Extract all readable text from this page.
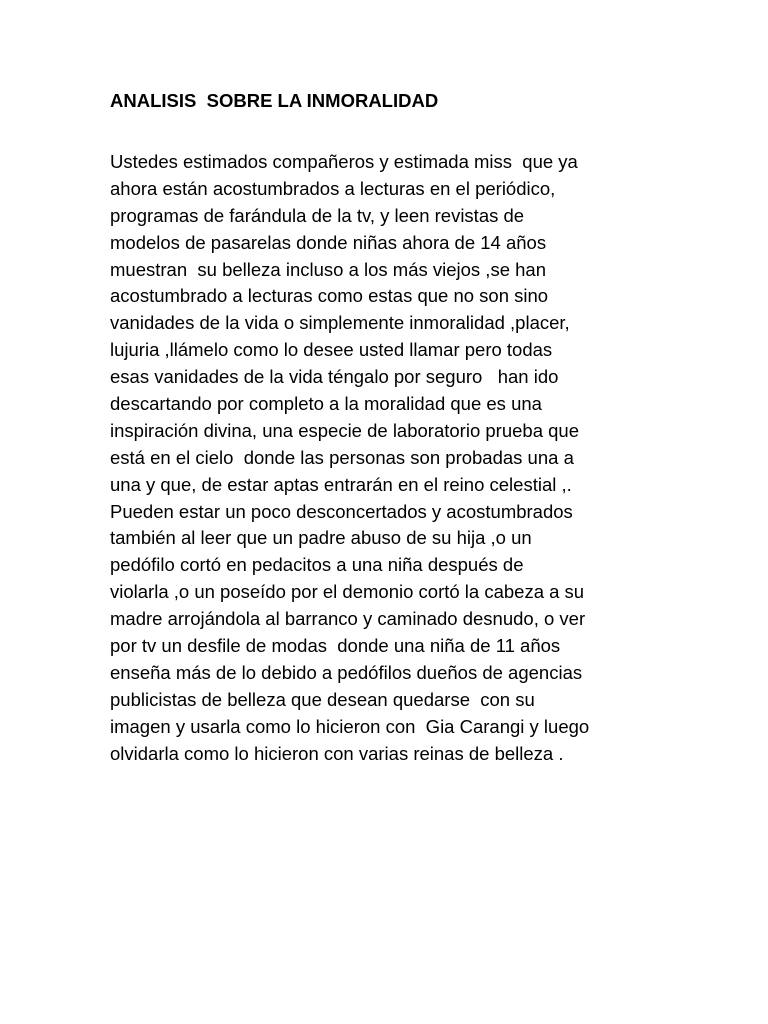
ANALISIS  SOBRE LA INMORALIDAD
Ustedes estimados compañeros y estimada miss  que ya
ahora están acostumbrados a lecturas en el periódico,
programas de farándula de la tv, y leen revistas de
modelos de pasarelas donde niñas ahora de 14 años
muestran  su belleza incluso a los más viejos ,se han
acostumbrado a lecturas como estas que no son sino
vanidades de la vida o simplemente inmoralidad ,placer,
lujuria ,llámelo como lo desee usted llamar pero todas
esas vanidades de la vida téngalo por seguro   han ido
descartando por completo a la moralidad que es una
inspiración divina, una especie de laboratorio prueba que
está en el cielo  donde las personas son probadas una a
una y que, de estar aptas entrarán en el reino celestial ,.
Pueden estar un poco desconcertados y acostumbrados
también al leer que un padre abuso de su hija ,o un
pedófilo cortó en pedacitos a una niña después de
violarla ,o un poseído por el demonio cortó la cabeza a su
madre arrojándola al barranco y caminado desnudo, o ver
por tv un desfile de modas  donde una niña de 11 años
enseña más de lo debido a pedófilos dueños de agencias
publicistas de belleza que desean quedarse  con su
imagen y usarla como lo hicieron con  Gia Carangi y luego
olvidarla como lo hicieron con varias reinas de belleza .
